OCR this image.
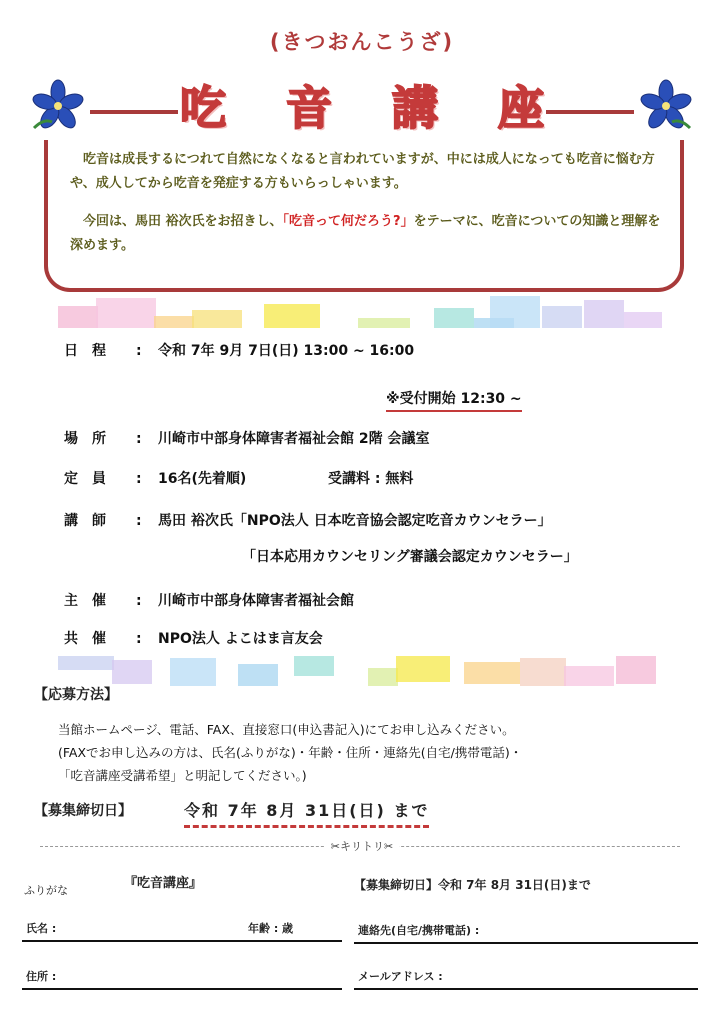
(きつおんこうざ)
吃音講座

 吃音は成長するにつれて自然になくなると言われていますが、中には成人になっても吃音に悩む方や、成人してから吃音を発症する方もいらっしゃいます。

 今回は、馬田 裕次氏をお招きし、「吃音って何だろう?」をテーマに、吃音についての知識と理解を深めます。

日程 : 令和 7年 9月 7日(日) 13:00 ~ 16:00
※受付開始 12:30 ~
場所 : 川崎市中部身体障害者福祉会館 2階 会議室
定員 : 16名(先着順)	受講料 : 無料
講師 : 馬田 裕次氏「NPO法人 日本吃音協会認定吃音カウンセラー」
「日本応用カウンセリング審議会認定カウンセラー」
主催 : 川崎市中部身体障害者福祉会館
共催 : NPO法人 よこはま言友会
【応募方法】
当館ホームページ、電話、FAX、直接窓口(申込書記入)にてお申し込みください。
(FAXでお申し込みの方は、氏名(ふりがな)・年齢・住所・連絡先(自宅/携帯電話)・
「吃音講座受講希望」と明記してください。)
【募集締切日】	令和 7年 8月 31日(日) まで
✂キリトリ✂
『吃音講座』	【募集締切日】令和 7年 8月 31日(日)まで
ふりがな
氏名 :	年齢 : 歳	連絡先(自宅/携帯電話) :
住所 :	メールアドレス :
